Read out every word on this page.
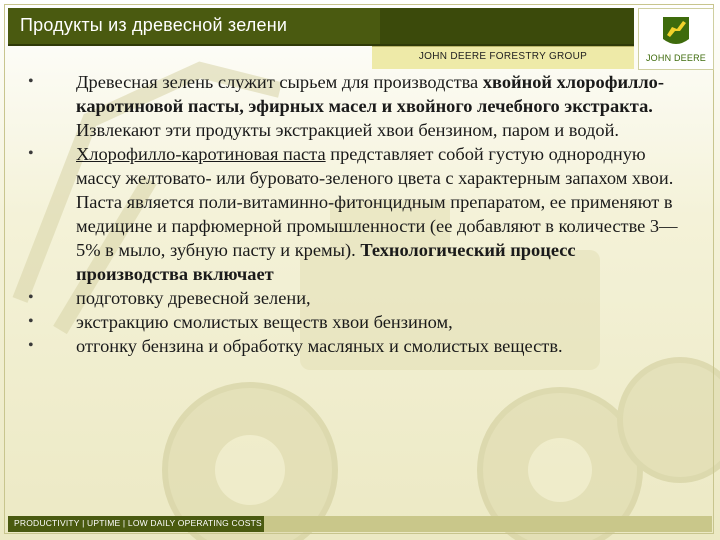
Продукты из древесной зелени
JOHN DEERE FORESTRY GROUP	JOHN DEERE

• Древесная зелень служит сырьем для производства хвойной хлорофилло-каротиновой пасты, эфирных масел и хвойного лечебного экстракта. Извлекают эти продукты экстракцией хвои бензином, паром и водой.

• Хлорофилло-каротиновая паста представляет собой густую однородную массу желтовато- или буровато-зеленого цвета с характерным запахом хвои. Паста является поли-витаминно-фитонцидным препаратом, ее применяют в медицине и парфюмерной промышленности (ее добавляют в количестве 3—5% в мыло, зубную пасту и кремы). Технологический процесс производства включает

• подготовку древесной зелени,

• экстракцию смолистых веществ хвои бензином,

• отгонку бензина и обработку масляных и смолистых веществ.

PRODUCTIVITY | UPTIME | LOW DAILY OPERATING COSTS
